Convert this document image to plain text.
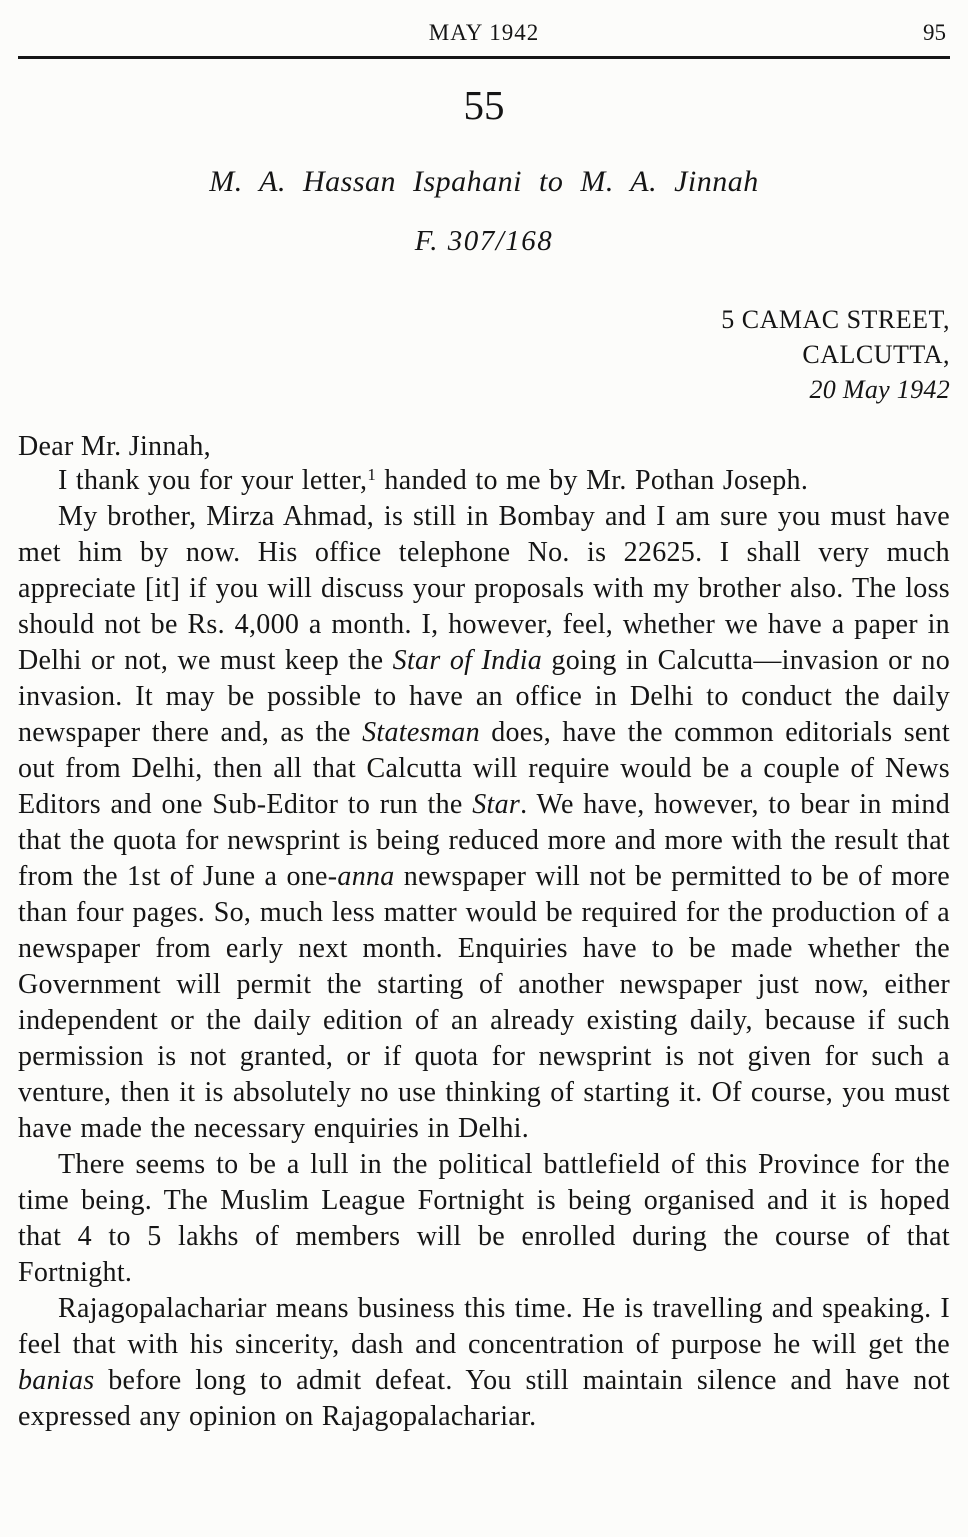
MAY 1942	95
55
M. A. Hassan Ispahani to M. A. Jinnah
F. 307/168
5 CAMAC STREET,
CALCUTTA,
20 May 1942
Dear Mr. Jinnah,

I thank you for your letter,$^1$ handed to me by Mr. Pothan Joseph.

My brother, Mirza Ahmad, is still in Bombay and I am sure you must have met him by now. His office telephone No. is 22625. I shall very much appreciate [it] if you will discuss your proposals with my brother also. The loss should not be Rs. 4,000 a month. I, however, feel, whether we have a paper in Delhi or not, we must keep the Star of India going in Calcutta—invasion or no invasion. It may be possible to have an office in Delhi to conduct the daily newspaper there and, as the Statesman does, have the common editorials sent out from Delhi, then all that Calcutta will require would be a couple of News Editors and one Sub-Editor to run the Star. We have, however, to bear in mind that the quota for newsprint is being reduced more and more with the result that from the 1st of June a one-anna newspaper will not be permitted to be of more than four pages. So, much less matter would be required for the production of a newspaper from early next month. Enquiries have to be made whether the Government will permit the starting of another newspaper just now, either independent or the daily edition of an already existing daily, because if such permission is not granted, or if quota for newsprint is not given for such a venture, then it is absolutely no use thinking of starting it. Of course, you must have made the necessary enquiries in Delhi.

There seems to be a lull in the political battlefield of this Province for the time being. The Muslim League Fortnight is being organised and it is hoped that 4 to 5 lakhs of members will be enrolled during the course of that Fortnight.

Rajagopalachariar means business this time. He is travelling and speaking. I feel that with his sincerity, dash and concentration of purpose he will get the banias before long to admit defeat. You still maintain silence and have not expressed any opinion on Rajagopalachariar.
